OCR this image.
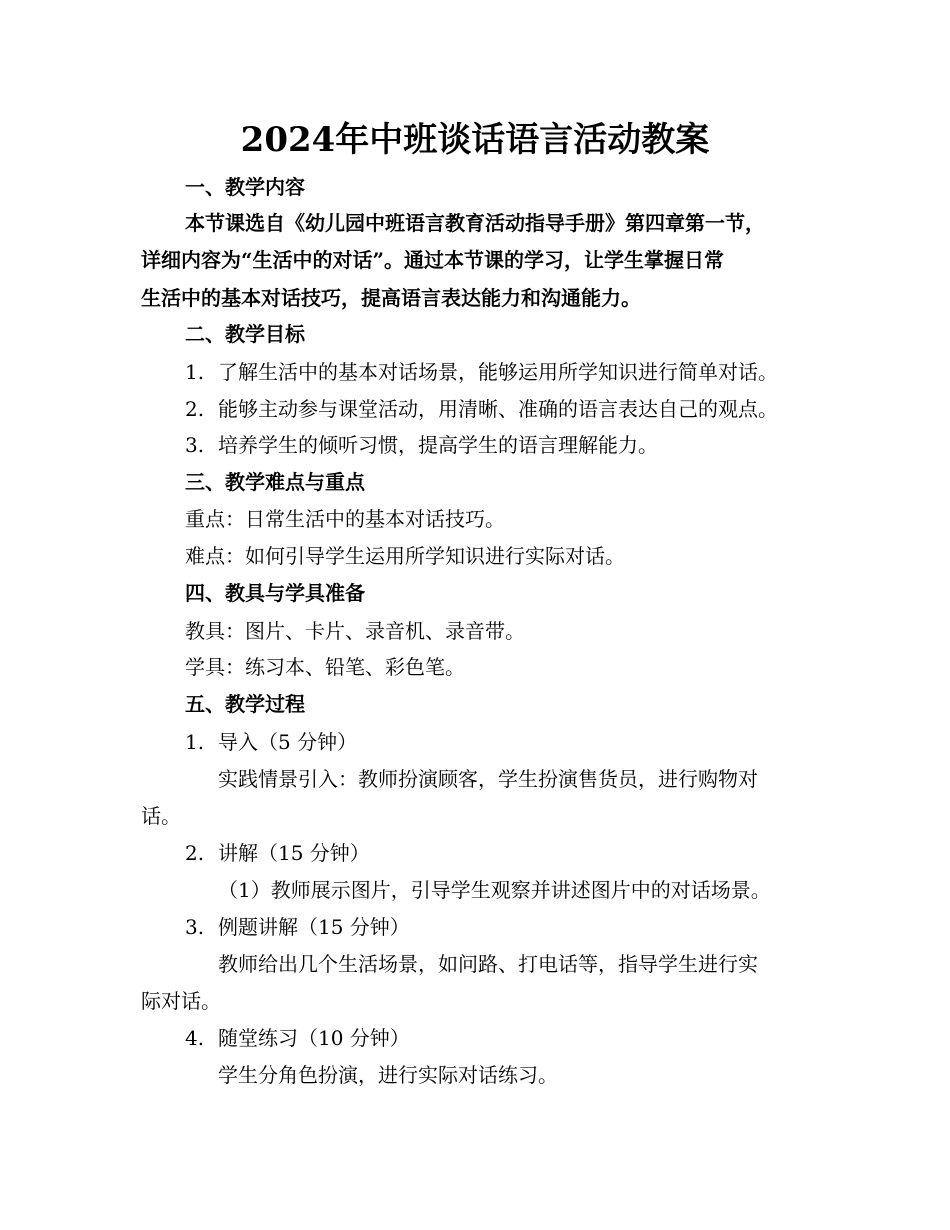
2024年中班谈话语言活动教案
一、教学内容
本节课选自《幼儿园中班语言教育活动指导手册》第四章第一节，
详细内容为“生活中的对话”。通过本节课的学习，让学生掌握日常
生活中的基本对话技巧，提高语言表达能力和沟通能力。
二、教学目标
1. 了解生活中的基本对话场景，能够运用所学知识进行简单对话。
2. 能够主动参与课堂活动，用清晰、准确的语言表达自己的观点。
3. 培养学生的倾听习惯，提高学生的语言理解能力。
三、教学难点与重点
重点：日常生活中的基本对话技巧。
难点：如何引导学生运用所学知识进行实际对话。
四、教具与学具准备
教具：图片、卡片、录音机、录音带。
学具：练习本、铅笔、彩色笔。
五、教学过程
1. 导入（5 分钟）
实践情景引入：教师扮演顾客，学生扮演售货员，进行购物对
话。
2. 讲解（15 分钟）
（1）教师展示图片，引导学生观察并讲述图片中的对话场景。
3. 例题讲解（15 分钟）
教师给出几个生活场景，如问路、打电话等，指导学生进行实
际对话。
4. 随堂练习（10 分钟）
学生分角色扮演，进行实际对话练习。
